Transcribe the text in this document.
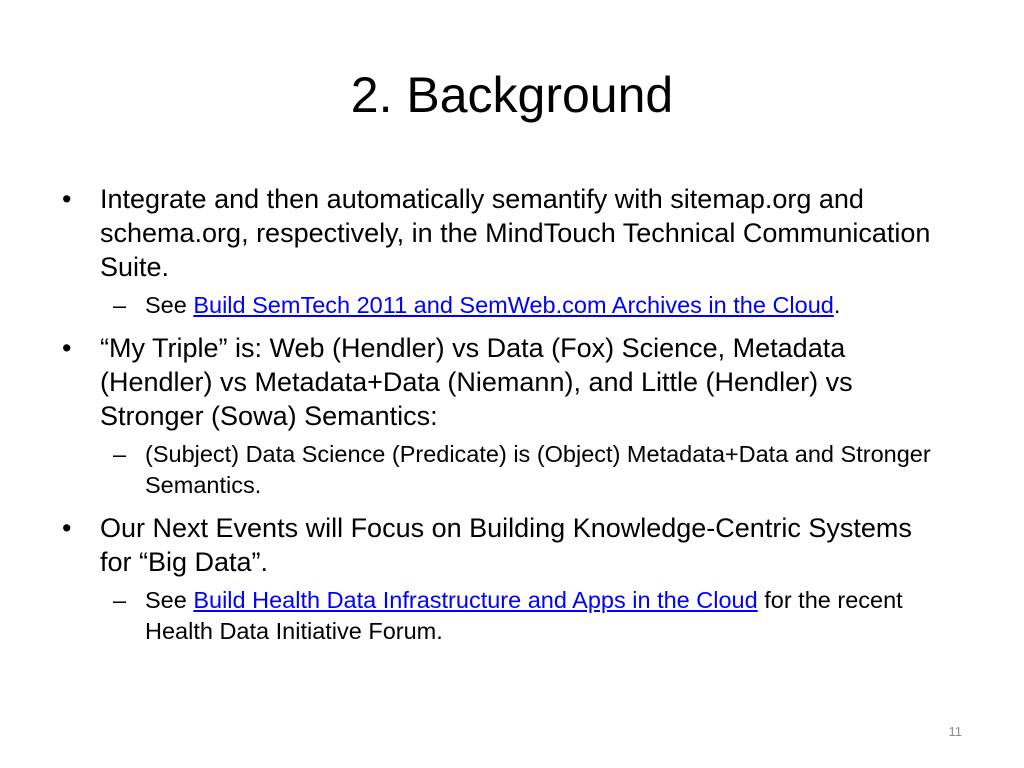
2. Background
•	Integrate and then automatically semantify with sitemap.org and schema.org, respectively, in the MindTouch Technical Communication Suite.
– See Build SemTech 2011 and SemWeb.com Archives in the Cloud.
•	“My Triple” is: Web (Hendler) vs Data (Fox) Science, Metadata (Hendler) vs Metadata+Data (Niemann), and Little (Hendler) vs Stronger (Sowa) Semantics:
– (Subject) Data Science (Predicate) is (Object) Metadata+Data and Stronger Semantics.
•	Our Next Events will Focus on Building Knowledge-Centric Systems for “Big Data”.
– See Build Health Data Infrastructure and Apps in the Cloud for the recent Health Data Initiative Forum.
11
